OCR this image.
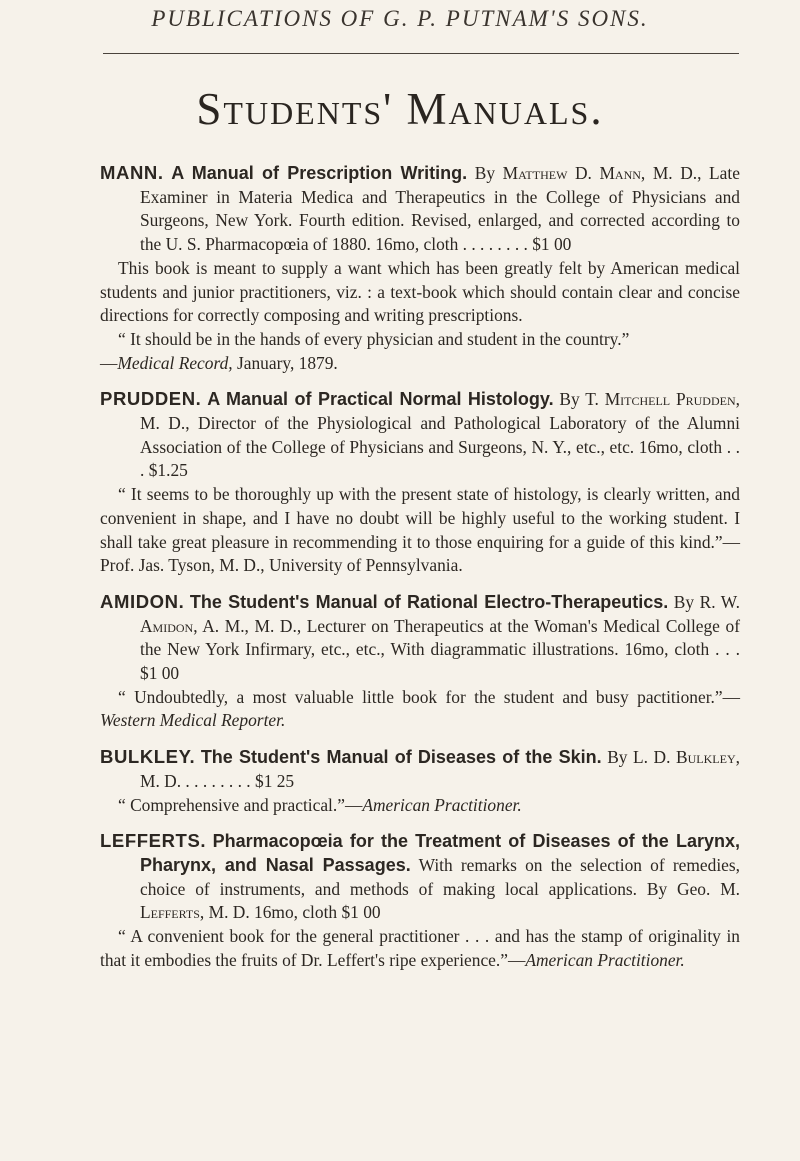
PUBLICATIONS OF G. P. PUTNAM'S SONS.
Students' Manuals.

MANN. A Manual of Prescription Writing. By Matthew D. Mann, M. D., Late Examiner in Materia Medica and Therapeutics in the College of Physicians and Surgeons, New York. Fourth edition. Revised, enlarged, and corrected according to the U. S. Pharmacopœia of 1880. 16mo, cloth . . . . . . . . $1 00

This book is meant to supply a want which has been greatly felt by American medical students and junior practitioners, viz. : a text-book which should contain clear and concise directions for correctly composing and writing prescriptions.

“ It should be in the hands of every physician and student in the country.”

—Medical Record, January, 1879.

PRUDDEN. A Manual of Practical Normal Histology. By T. Mitchell Prudden, M. D., Director of the Physiological and Pathological Laboratory of the Alumni Association of the College of Physicians and Surgeons, N. Y., etc., etc. 16mo, cloth . . . $1.25

“ It seems to be thoroughly up with the present state of histology, is clearly written, and convenient in shape, and I have no doubt will be highly useful to the working student. I shall take great pleasure in recommending it to those enquiring for a guide of this kind.”—Prof. Jas. Tyson, M. D., University of Pennsylvania.

AMIDON. The Student's Manual of Rational Electro-Therapeutics. By R. W. Amidon, A. M., M. D., Lecturer on Therapeutics at the Woman's Medical College of the New York Infirmary, etc., etc., With diagrammatic illustrations. 16mo, cloth . . . $1 00

“ Undoubtedly, a most valuable little book for the student and busy pactitioner.”—Western Medical Reporter.

BULKLEY. The Student's Manual of Diseases of the Skin. By L. D. Bulkley, M. D. . . . . . . . . $1 25

“ Comprehensive and practical.”—American Practitioner.

LEFFERTS. Pharmacopœia for the Treatment of Diseases of the Larynx, Pharynx, and Nasal Passages. With remarks on the selection of remedies, choice of instruments, and methods of making local applications. By Geo. M. Lefferts, M. D. 16mo, cloth $1 00

“ A convenient book for the general practitioner . . . and has the stamp of originality in that it embodies the fruits of Dr. Leffert's ripe experience.”—American Practitioner.
